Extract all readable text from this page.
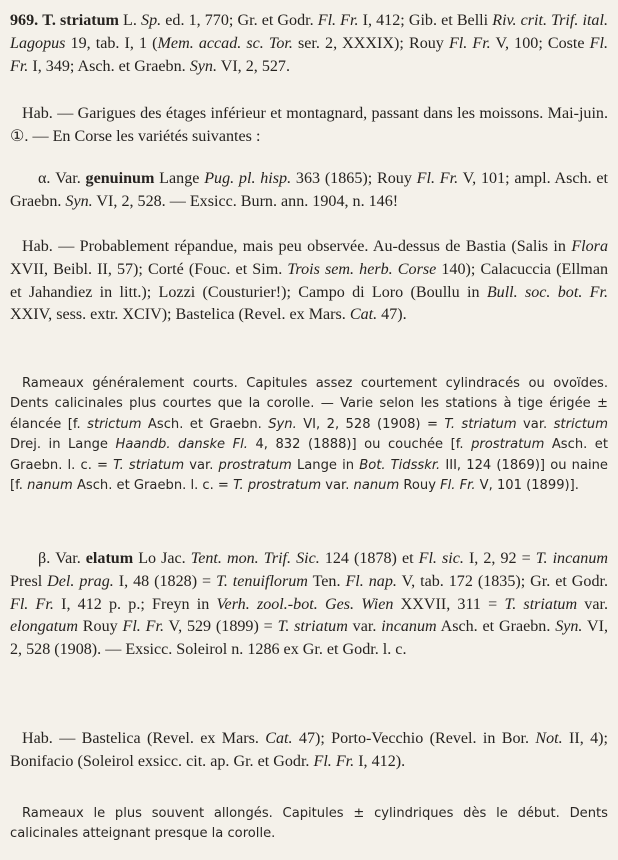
969. T. striatum L. Sp. ed. 1, 770; Gr. et Godr. Fl. Fr. I, 412; Gib. et Belli Riv. crit. Trif. ital. Lagopus 19, tab. I, 1 (Mem. accad. sc. Tor. ser. 2, XXXIX); Rouy Fl. Fr. V, 100; Coste Fl. Fr. I, 349; Asch. et Graebn. Syn. VI, 2, 527.

Hab. — Garigues des étages inférieur et montagnard, passant dans les moissons. Mai-juin. ①. — En Corse les variétés suivantes :

α. Var. genuinum Lange Pug. pl. hisp. 363 (1865); Rouy Fl. Fr. V, 101; ampl. Asch. et Graebn. Syn. VI, 2, 528. — Exsicc. Burn. ann. 1904, n. 146!

Hab. — Probablement répandue, mais peu observée. Au-dessus de Bastia (Salis in Flora XVII, Beibl. II, 57); Corté (Fouc. et Sim. Trois sem. herb. Corse 140); Calacuccia (Ellman et Jahandiez in litt.); Lozzi (Cousturier!); Campo di Loro (Boullu in Bull. soc. bot. Fr. XXIV, sess. extr. XCIV); Bastelica (Revel. ex Mars. Cat. 47).

Rameaux généralement courts. Capitules assez courtement cylindracés ou ovoïdes. Dents calicinales plus courtes que la corolle. — Varie selon les stations à tige érigée ± élancée [f. strictum Asch. et Graebn. Syn. VI, 2, 528 (1908) = T. striatum var. strictum Drej. in Lange Haandb. danske Fl. 4, 832 (1888)] ou couchée [f. prostratum Asch. et Graebn. l. c. = T. striatum var. prostratum Lange in Bot. Tidsskr. III, 124 (1869)] ou naine [f. nanum Asch. et Graebn. l. c. = T. prostratum var. nanum Rouy Fl. Fr. V, 101 (1899)].

β. Var. elatum Lo Jac. Tent. mon. Trif. Sic. 124 (1878) et Fl. sic. I, 2, 92 = T. incanum Presl Del. prag. I, 48 (1828) = T. tenuiflorum Ten. Fl. nap. V, tab. 172 (1835); Gr. et Godr. Fl. Fr. I, 412 p. p.; Freyn in Verh. zool.-bot. Ges. Wien XXVII, 311 = T. striatum var. elongatum Rouy Fl. Fr. V, 529 (1899) = T. striatum var. incanum Asch. et Graebn. Syn. VI, 2, 528 (1908). — Exsicc. Soleirol n. 1286 ex Gr. et Godr. l. c.

Hab. — Bastelica (Revel. ex Mars. Cat. 47); Porto-Vecchio (Revel. in Bor. Not. II, 4); Bonifacio (Soleirol exsicc. cit. ap. Gr. et Godr. Fl. Fr. I, 412).

Rameaux le plus souvent allongés. Capitules ± cylindriques dès le début. Dents calicinales atteignant presque la corolle.
